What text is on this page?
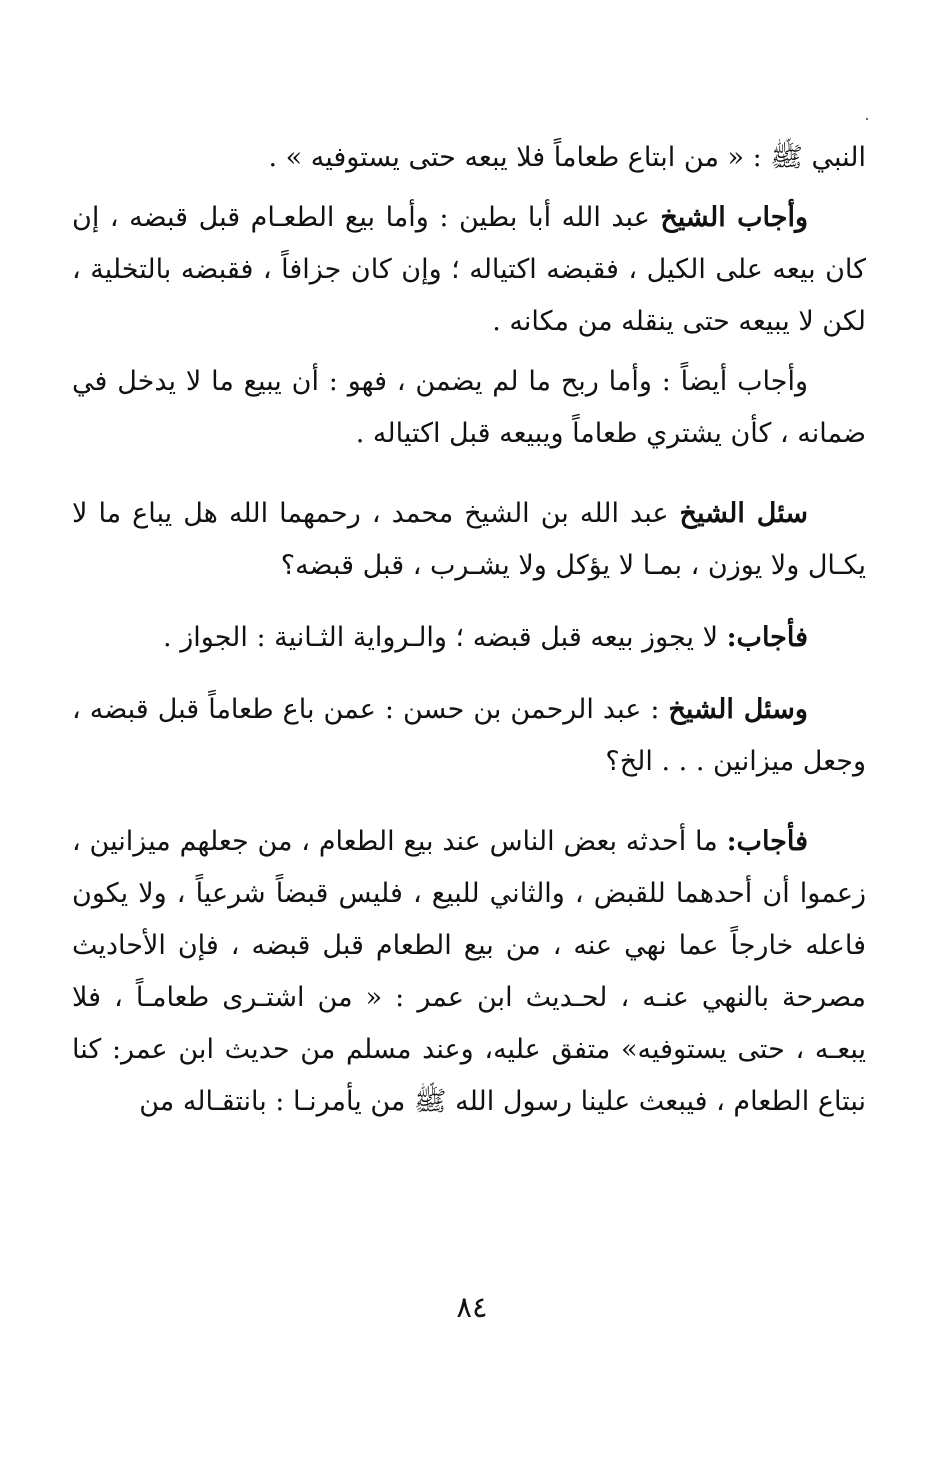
النبي ﷺ : « من ابتاع طعاماً فلا يبعه حتى يستوفيه » .

وأجاب الشيخ عبد الله أبا بطين : وأما بيع الطعـام قبل قبضه ، إن كان بيعه على الكيل ، فقبضه اكتياله ؛ وإن كان جزافاً ، فقبضه بالتخلية ، لكن لا يبيعه حتى ينقله من مكانه .

وأجاب أيضاً : وأما ربح ما لم يضمن ، فهو : أن يبيع ما لا يدخل في ضمانه ، كأن يشتري طعاماً ويبيعه قبل اكتياله .

سئل الشيخ عبد الله بن الشيخ محمد ، رحمهما الله هل يباع ما لا يكـال ولا يوزن ، بمـا لا يؤكل ولا يشـرب ، قبل قبضه؟

فأجاب: لا يجوز بيعه قبل قبضه ؛ والـرواية الثـانية : الجواز .

وسئل الشيخ : عبد الرحمن بن حسن : عمن باع طعاماً قبل قبضه ، وجعل ميزانين . . . الخ؟

فأجاب: ما أحدثه بعض الناس عند بيع الطعام ، من جعلهم ميزانين ، زعموا أن أحدهما للقبض ، والثاني للبيع ، فليس قبضاً شرعياً ، ولا يكون فاعله خارجاً عما نهي عنه ، من بيع الطعام قبل قبضه ، فإن الأحاديث مصرحة بالنهي عنـه ، لحـديث ابن عمر : « من اشتـرى طعامـاً ، فلا يبعـه ، حتى يستوفيه» متفق عليه، وعند مسلم من حديث ابن عمر: كنا نبتاع الطعام ، فيبعث علينا رسول الله ﷺ من يأمرنـا : بانتقـاله من

٨٤
